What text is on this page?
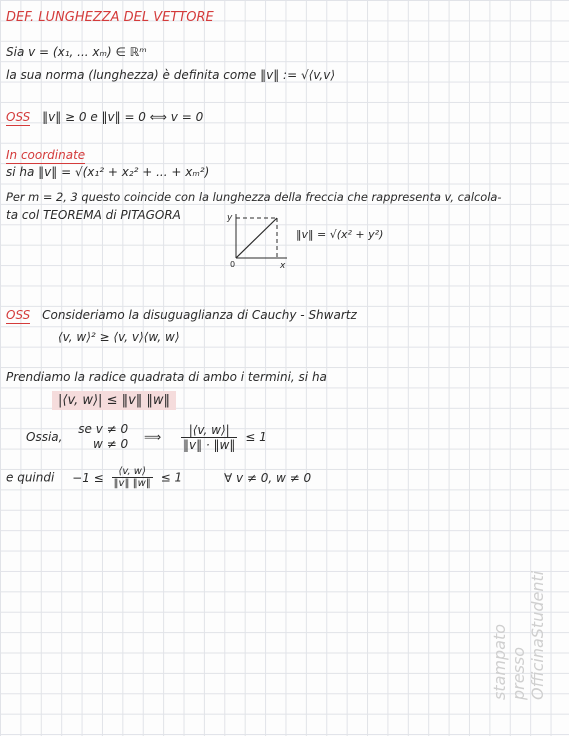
DEF. LUNGHEZZA DEL VETTORE
Sia v = (x₁, ... xₘ) ∈ ℝᵐ
la sua norma (lunghezza) è definita come ‖v‖ := √⟨v,v⟩
OSS ‖v‖ ≥ 0 e ‖v‖ = 0 ⟺ v = 0
In coordinate
si ha ‖v‖ = √(x₁² + x₂² + ... + xₘ²)
Per m = 2, 3 questo coincide con la lunghezza della freccia che rappresenta v, calcola-
ta col TEOREMA di PITAGORA	y
x
0
‖v‖ = √(x² + y²)
OSS Consideriamo la disuguaglianza di Cauchy - Shwartz
⟨v, w⟩² ≥ ⟨v, v⟩⟨w, w⟩
Prendiamo la radice quadrata di ambo i termini, si ha
|⟨v, w⟩| ≤ ‖v‖ ‖w‖
Ossia,
se v ≠ 0
w ≠ 0 ⟹ $\frac{|⟨v, w⟩|}{‖v‖ \cdot ‖w‖} \le 1$
e quindi $-1 \le \frac{⟨v, w⟩}{‖v‖ ‖w‖} \le 1$	∀ v ≠ 0, w ≠ 0
stampato presso OfficinaStudenti
